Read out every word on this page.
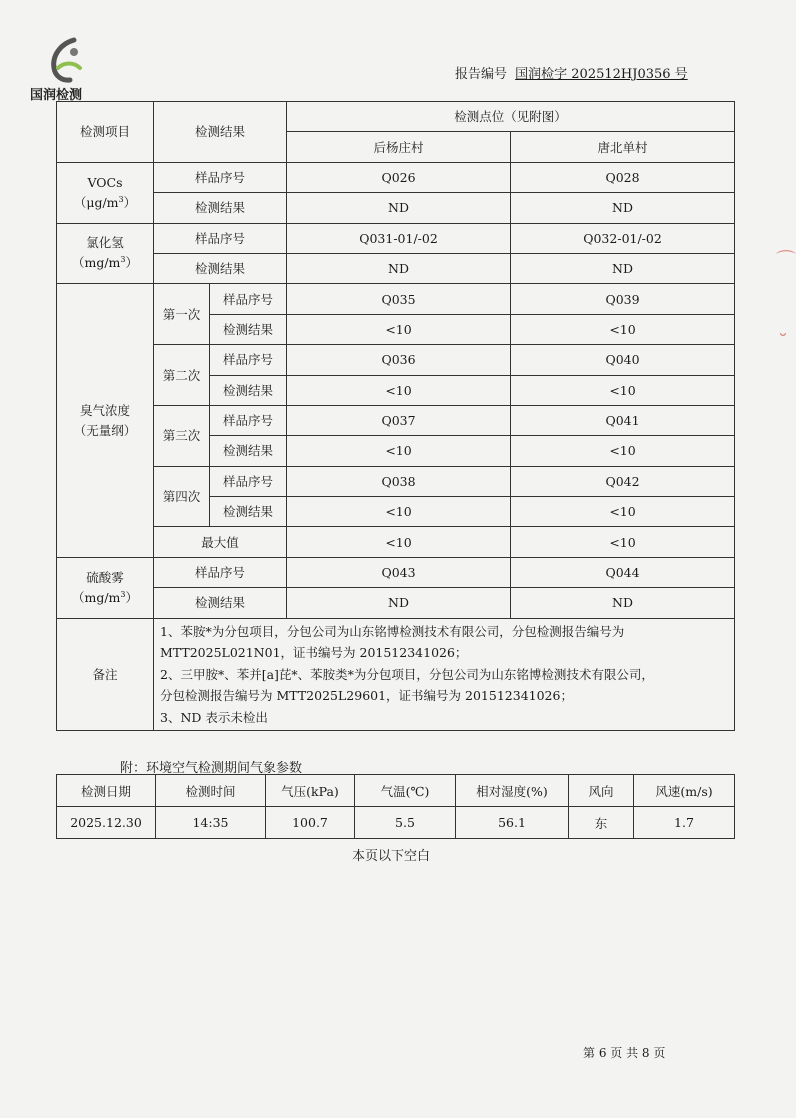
国润检测
报告编号 国润检字 202512HJ0356 号
检测项目	检测结果		检测点位（见附图）	
			后杨庄村	唐北单村
VOCs
$(\mu g/m^3)$	样品序号		Q026	Q028
	检测结果		ND	ND
氯化氢
$(mg/m^3)$	样品序号		Q031-01/-02	Q032-01/-02
	检测结果		ND	ND
臭气浓度
（无量纲）	第一次	样品序号	Q035	Q039
		检测结果	<10	<10
	第二次	样品序号	Q036	Q040
		检测结果	<10	<10
	第三次	样品序号	Q037	Q041
		检测结果	<10	<10
	第四次	样品序号	Q038	Q042
		检测结果	<10	<10
	最大值		<10	<10
硫酸雾
$(mg/m^3)$	样品序号		Q043	Q044
	检测结果		ND	ND
备注	1、苯胺*为分包项目，分包公司为山东铭博检测技术有限公司，分包检测报告编号为
MTT2025L021N01，证书编号为 201512341026；
2、三甲胺*、苯并[a]芘*、苯胺类*为分包项目，分包公司为山东铭博检测技术有限公司，
分包检测报告编号为 MTT2025L29601，证书编号为 201512341026；
3、ND 表示未检出			
附：环境空气检测期间气象参数
检测日期	检测时间	气压(kPa)	气温(℃)	相对湿度(%)	风向	风速(m/s)
2025.12.30	14:35	100.7	5.5	56.1	东	1.7
本页以下空白
第 6 页 共 8 页
⌒
˘
